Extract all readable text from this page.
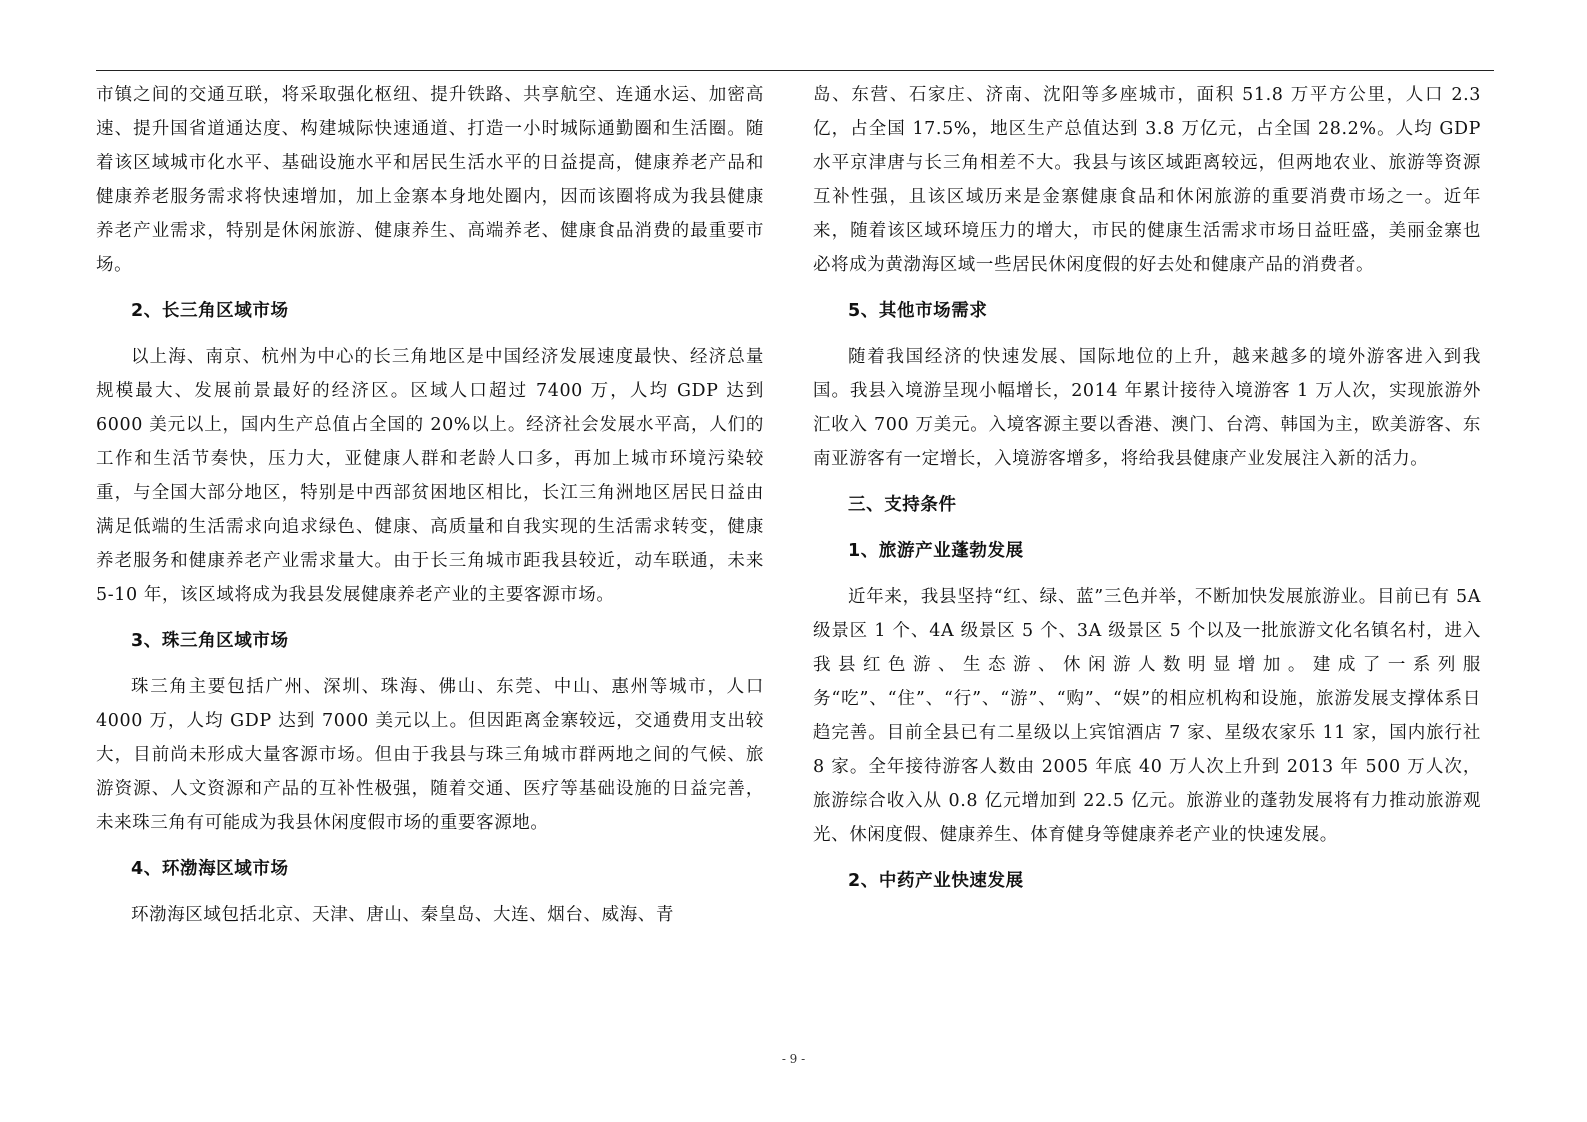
市镇之间的交通互联，将采取强化枢纽、提升铁路、共享航空、连通水运、加密高速、提升国省道通达度、构建城际快速通道、打造一小时城际通勤圈和生活圈。随着该区域城市化水平、基础设施水平和居民生活水平的日益提高，健康养老产品和健康养老服务需求将快速增加，加上金寨本身地处圈内，因而该圈将成为我县健康养老产业需求，特别是休闲旅游、健康养生、高端养老、健康食品消费的最重要市场。

2、长三角区域市场

以上海、南京、杭州为中心的长三角地区是中国经济发展速度最快、经济总量规模最大、发展前景最好的经济区。区域人口超过 7400 万，人均 GDP 达到 6000 美元以上，国内生产总值占全国的 20%以上。经济社会发展水平高，人们的工作和生活节奏快，压力大，亚健康人群和老龄人口多，再加上城市环境污染较重，与全国大部分地区，特别是中西部贫困地区相比，长江三角洲地区居民日益由满足低端的生活需求向追求绿色、健康、高质量和自我实现的生活需求转变，健康养老服务和健康养老产业需求量大。由于长三角城市距我县较近，动车联通，未来 5-10 年，该区域将成为我县发展健康养老产业的主要客源市场。

3、珠三角区域市场

珠三角主要包括广州、深圳、珠海、佛山、东莞、中山、惠州等城市，人口 4000 万，人均 GDP 达到 7000 美元以上。但因距离金寨较远，交通费用支出较大，目前尚未形成大量客源市场。但由于我县与珠三角城市群两地之间的气候、旅游资源、人文资源和产品的互补性极强，随着交通、医疗等基础设施的日益完善，未来珠三角有可能成为我县休闲度假市场的重要客源地。

4、环渤海区域市场

环渤海区域包括北京、天津、唐山、秦皇岛、大连、烟台、威海、青

岛、东营、石家庄、济南、沈阳等多座城市，面积 51.8 万平方公里，人口 2.3 亿，占全国 17.5%，地区生产总值达到 3.8 万亿元，占全国 28.2%。人均 GDP 水平京津唐与长三角相差不大。我县与该区域距离较远，但两地农业、旅游等资源互补性强，且该区域历来是金寨健康食品和休闲旅游的重要消费市场之一。近年来，随着该区域环境压力的增大，市民的健康生活需求市场日益旺盛，美丽金寨也必将成为黄渤海区域一些居民休闲度假的好去处和健康产品的消费者。

5、其他市场需求

随着我国经济的快速发展、国际地位的上升，越来越多的境外游客进入到我国。我县入境游呈现小幅增长，2014 年累计接待入境游客 1 万人次，实现旅游外汇收入 700 万美元。入境客源主要以香港、澳门、台湾、韩国为主，欧美游客、东南亚游客有一定增长，入境游客增多，将给我县健康产业发展注入新的活力。

三、支持条件
1、旅游产业蓬勃发展

近年来，我县坚持“红、绿、蓝”三色并举，不断加快发展旅游业。目前已有 5A 级景区 1 个、4A 级景区 5 个、3A 级景区 5 个以及一批旅游文化名镇名村，进入我县红色游、生态游、休闲游人数明显增加。建成了一系列服务“吃”、“住”、“行”、“游”、“购”、“娱”的相应机构和设施，旅游发展支撑体系日趋完善。目前全县已有二星级以上宾馆酒店 7 家、星级农家乐 11 家，国内旅行社 8 家。全年接待游客人数由 2005 年底 40 万人次上升到 2013 年 500 万人次，旅游综合收入从 0.8 亿元增加到 22.5 亿元。旅游业的蓬勃发展将有力推动旅游观光、休闲度假、健康养生、体育健身等健康养老产业的快速发展。

2、中药产业快速发展
- 9 -
